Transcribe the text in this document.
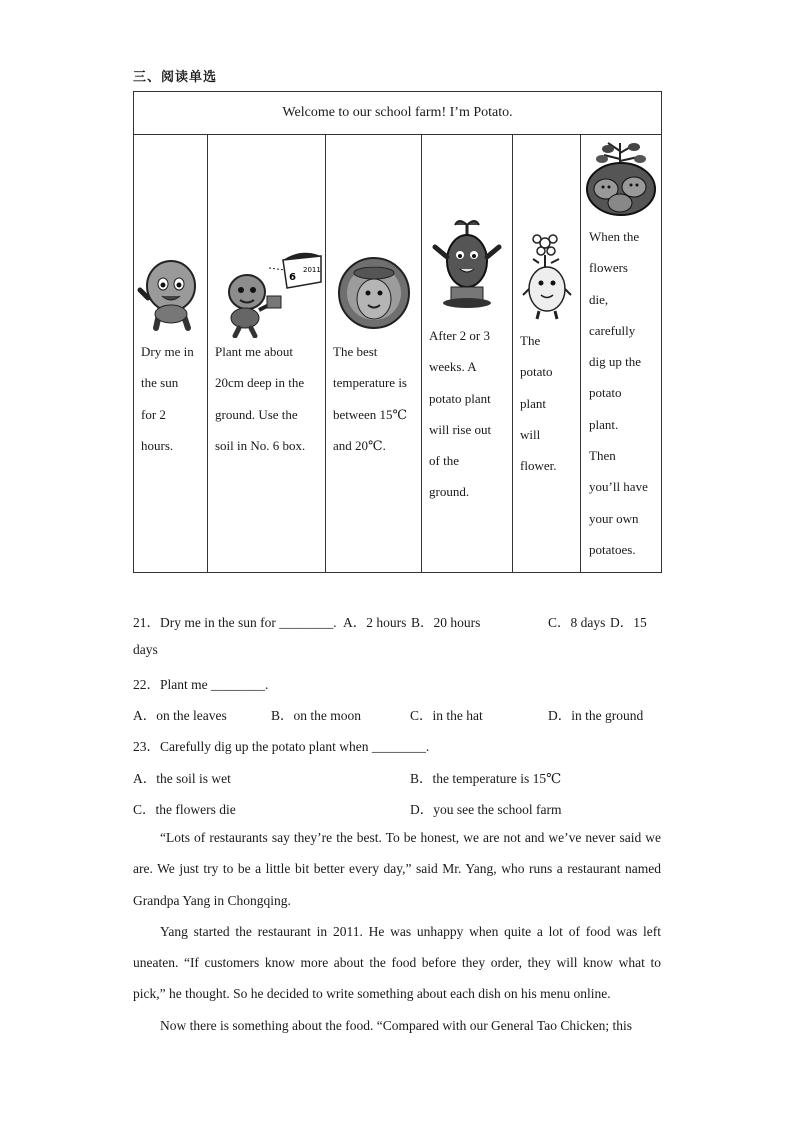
三、阅读单选
Welcome to our school farm! I’m Potato.

Dry me in
the sun
for 2
hours.

6
2011
Plant me about
20cm deep in the
ground. Use the
soil in No. 6 box.

The best
temperature is
between 15℃
and 20℃.

After 2 or 3
weeks. A
potato plant
will rise out
of the
ground.

The
potato
plant
will
flower.

When the
flowers
die,
carefully
dig up the
potato
plant.
Then
you’ll have
your own
potatoes.
21．Dry me in the sun for ________. A．2 hours B．20 hours	C．8 days D．15
days
22．Plant me ________.
A．on the leaves	B．on the moon	C．in the hat	D．in the ground
23．Carefully dig up the potato plant when ________.
A．the soil is wet	B．the temperature is 15℃
C．the flowers die	D．you see the school farm

“Lots of restaurants say they’re the best. To be honest, we are not and we’ve never said we are. We just try to be a little bit better every day,” said Mr. Yang, who runs a restaurant named Grandpa Yang in Chongqing.

Yang started the restaurant in 2011. He was unhappy when quite a lot of food was left uneaten. “If customers know more about the food before they order, they will know what to pick,” he thought. So he decided to write something about each dish on his menu online.

Now there is something about the food. “Compared with our General Tao Chicken; this
